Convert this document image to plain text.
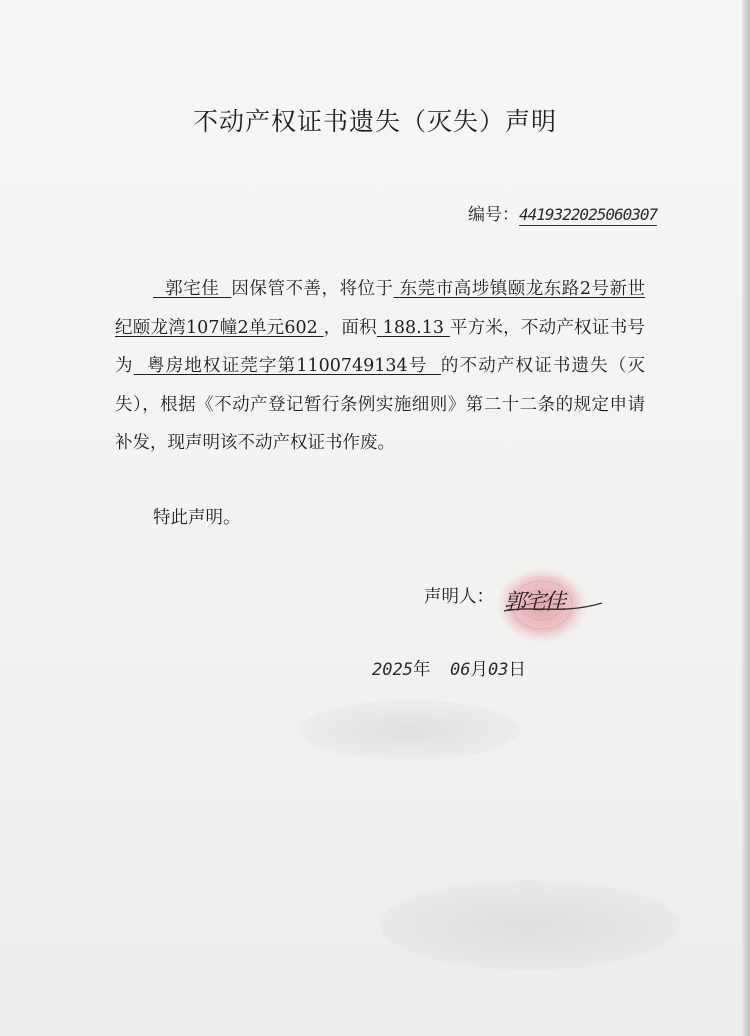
不动产权证书遗失（灭失）声明
编号：4419322025060307
郭宅佳 因保管不善，将位于 东莞市高埗镇颐龙东路2号新世纪颐龙湾107幢2单元602 ，面积 188.13 平方米，不动产权证书号为 粤房地权证莞字第1100749134号 的不动产权证书遗失（灭失），根据《不动产登记暂行条例实施细则》第二十二条的规定申请补发，现声明该不动产权证书作废。
特此声明。
声明人： 郭宅佳
2025年 06月03日
